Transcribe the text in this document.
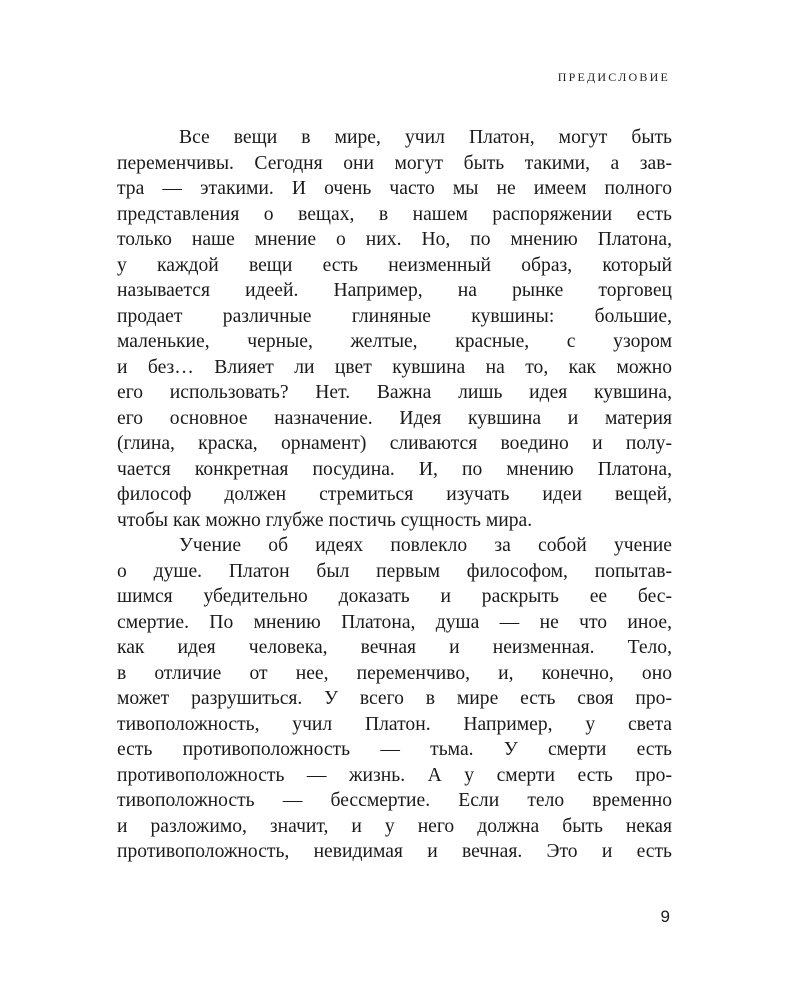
ПРЕДИСЛОВИЕ
Все вещи в мире, учил Платон, могут быть
переменчивы. Сегодня они могут быть такими, а зав-
тра — этакими. И очень часто мы не имеем полного
представления о вещах, в нашем распоряжении есть
только наше мнение о них. Но, по мнению Платона,
у каждой вещи есть неизменный образ, который
называется идеей. Например, на рынке торговец
продает различные глиняные кувшины: большие,
маленькие, черные, желтые, красные, с узором
и без… Влияет ли цвет кувшина на то, как можно
его использовать? Нет. Важна лишь идея кувшина,
его основное назначение. Идея кувшина и материя
(глина, краска, орнамент) сливаются воедино и полу-
чается конкретная посудина. И, по мнению Платона,
философ должен стремиться изучать идеи вещей,
чтобы как можно глубже постичь сущность мира.
Учение об идеях повлекло за собой учение
о душе. Платон был первым философом, попытав-
шимся убедительно доказать и раскрыть ее бес-
смертие. По мнению Платона, душа — не что иное,
как идея человека, вечная и неизменная. Тело,
в отличие от нее, переменчиво, и, конечно, оно
может разрушиться. У всего в мире есть своя про-
тивоположность, учил Платон. Например, у света
есть противоположность — тьма. У смерти есть
противоположность — жизнь. А у смерти есть про-
тивоположность — бессмертие. Если тело временно
и разложимо, значит, и у него должна быть некая
противоположность, невидимая и вечная. Это и есть
9
